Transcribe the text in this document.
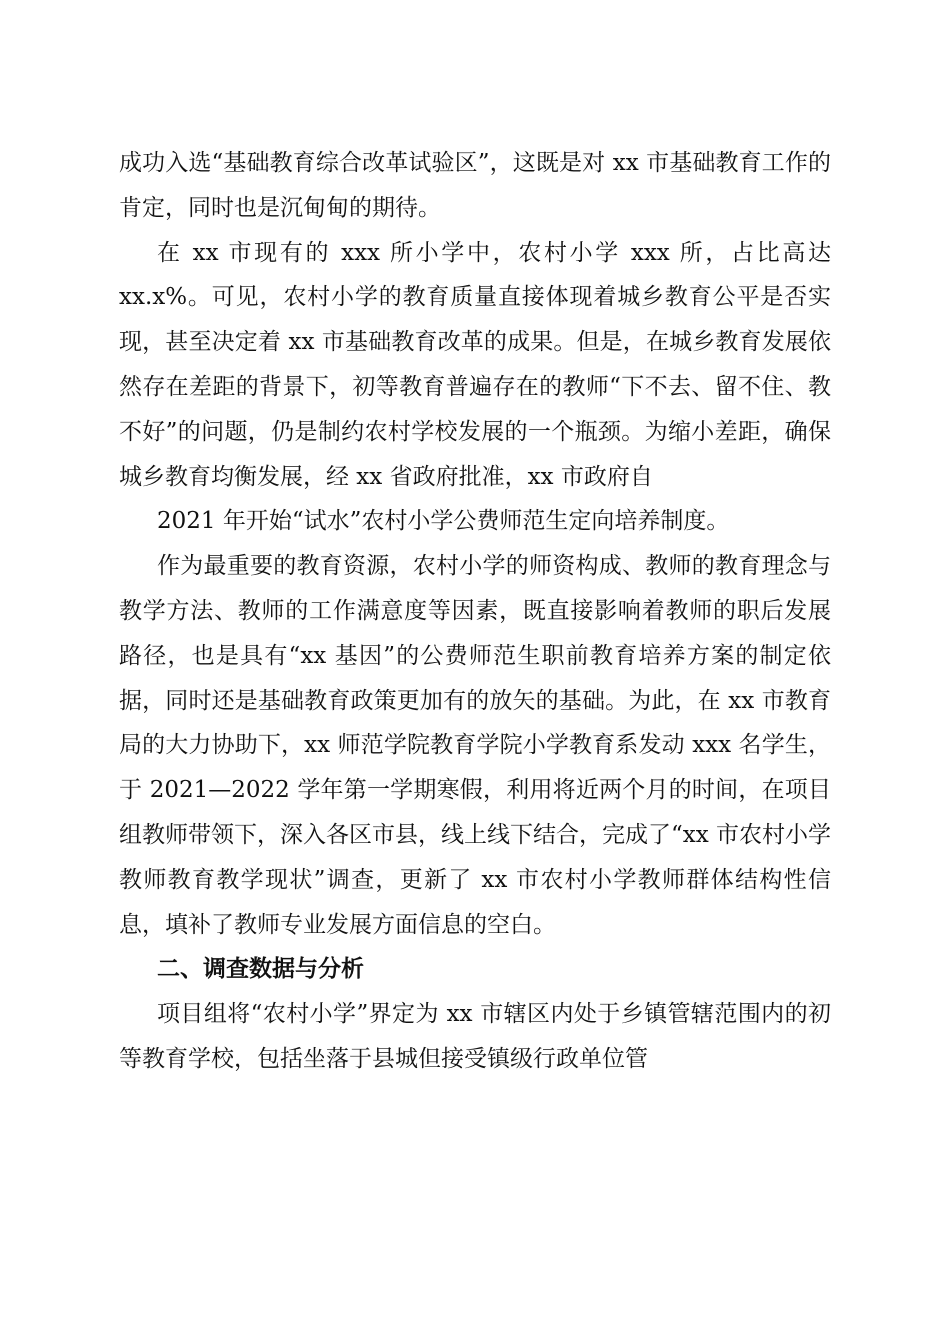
成功入选“基础教育综合改革试验区”，这既是对 xx 市基础教育工作的肯定，同时也是沉甸甸的期待。

在 xx 市现有的 xxx 所小学中，农村小学 xxx 所，占比高达 xx.x%。可见，农村小学的教育质量直接体现着城乡教育公平是否实现，甚至决定着 xx 市基础教育改革的成果。但是，在城乡教育发展依然存在差距的背景下，初等教育普遍存在的教师“下不去、留不住、教不好”的问题，仍是制约农村学校发展的一个瓶颈。为缩小差距，确保城乡教育均衡发展，经 xx 省政府批准，xx 市政府自

2021 年开始“试水”农村小学公费师范生定向培养制度。

作为最重要的教育资源，农村小学的师资构成、教师的教育理念与教学方法、教师的工作满意度等因素，既直接影响着教师的职后发展路径，也是具有“xx 基因”的公费师范生职前教育培养方案的制定依据，同时还是基础教育政策更加有的放矢的基础。为此，在 xx 市教育局的大力协助下，xx 师范学院教育学院小学教育系发动 xxx 名学生，于 2021—2022 学年第一学期寒假，利用将近两个月的时间，在项目组教师带领下，深入各区市县，线上线下结合，完成了“xx 市农村小学教师教育教学现状”调查，更新了 xx 市农村小学教师群体结构性信息，填补了教师专业发展方面信息的空白。

二、调查数据与分析

项目组将“农村小学”界定为 xx 市辖区内处于乡镇管辖范围内的初等教育学校，包括坐落于县城但接受镇级行政单位管
